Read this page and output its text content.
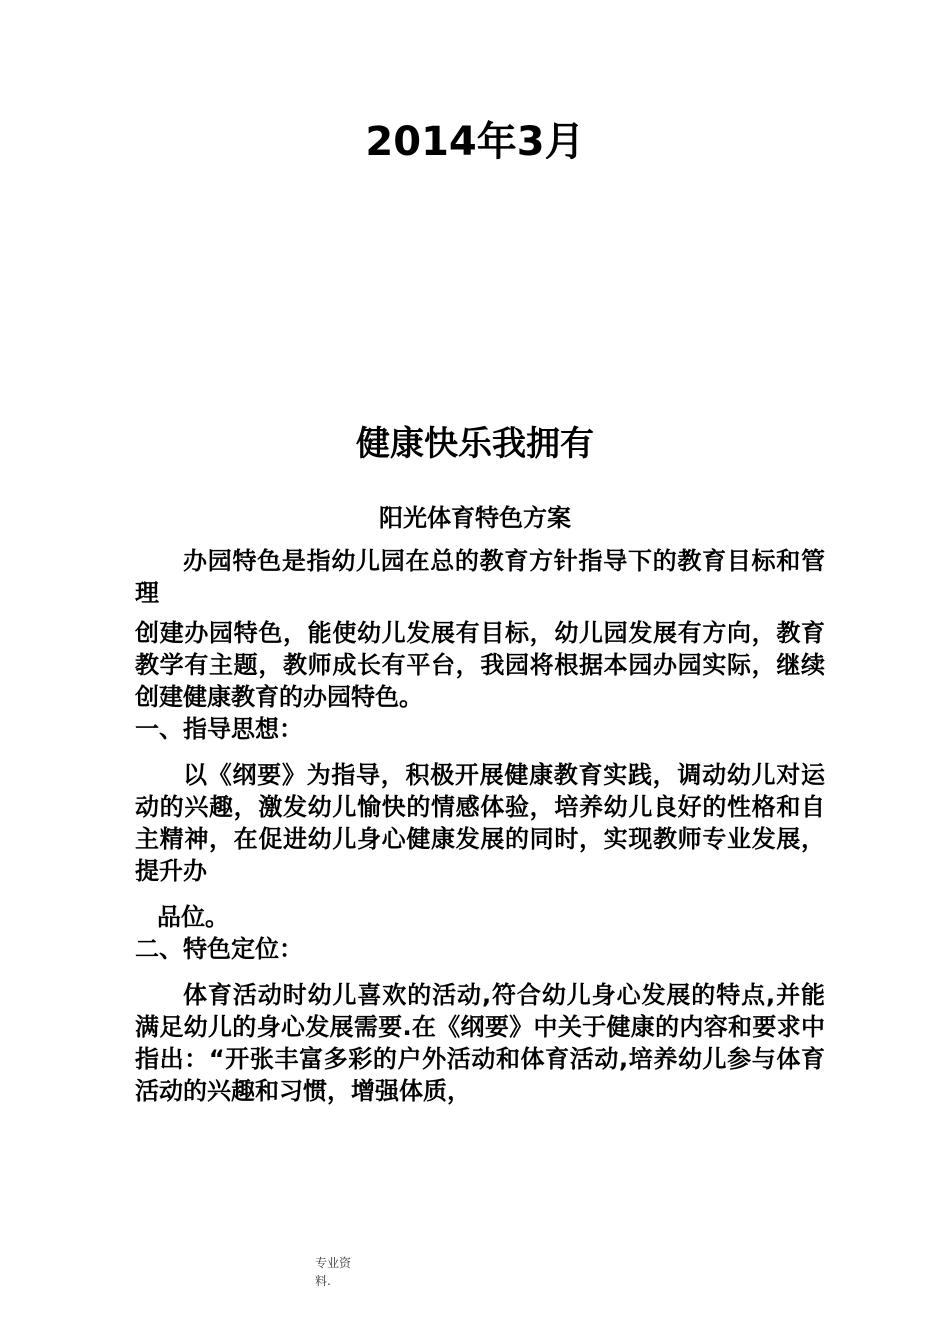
2014年3月
健康快乐我拥有
阳光体育特色方案

办园特色是指幼儿园在总的教育方针指导下的教育目标和管理

创建办园特色，能使幼儿发展有目标，幼儿园发展有方向，教育教学有主题，教师成长有平台，我园将根据本园办园实际，继续创建健康教育的办园特色。

一、指导思想：

以《纲要》为指导，积极开展健康教育实践，调动幼儿对运动的兴趣，激发幼儿愉快的情感体验，培养幼儿良好的性格和自主精神，在促进幼儿身心健康发展的同时，实现教师专业发展，提升办

品位。

二、特色定位：

体育活动时幼儿喜欢的活动,符合幼儿身心发展的特点,并能满足幼儿的身心发展需要.在《纲要》中关于健康的内容和要求中指出：“开张丰富多彩的户外活动和体育活动,培养幼儿参与体育活动的兴趣和习惯，增强体质，

专业资
料.
